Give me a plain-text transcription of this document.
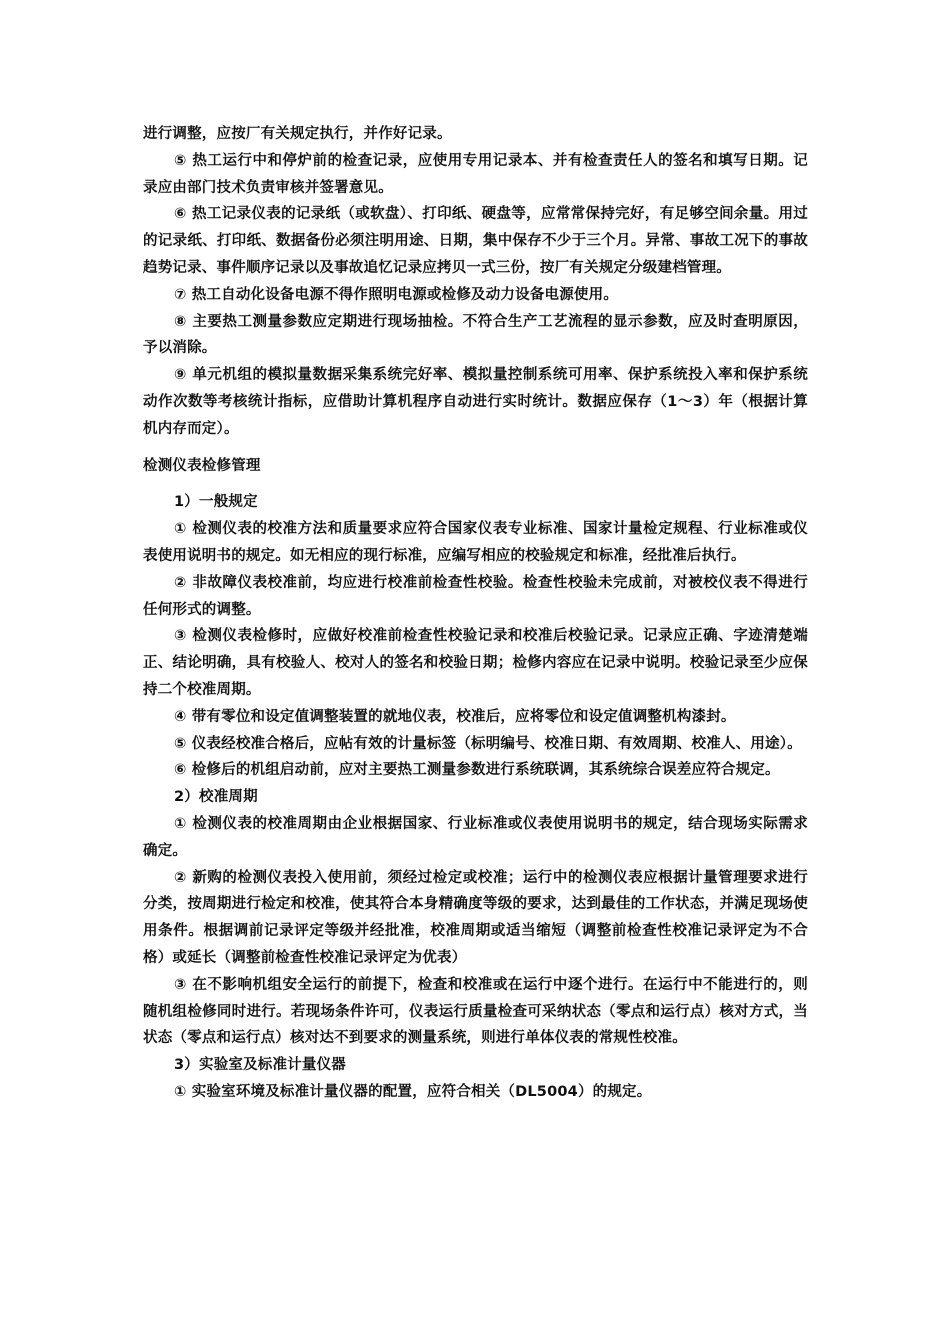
进行调整，应按厂有关规定执行，并作好记录。

⑤ 热工运行中和停炉前的检查记录，应使用专用记录本、并有检查责任人的签名和填写日期。记录应由部门技术负责审核并签署意见。

⑥ 热工记录仪表的记录纸（或软盘）、打印纸、硬盘等，应常常保持完好，有足够空间余量。用过的记录纸、打印纸、数据备份必须注明用途、日期，集中保存不少于三个月。异常、事故工况下的事故趋势记录、事件顺序记录以及事故追忆记录应拷贝一式三份，按厂有关规定分级建档管理。

⑦ 热工自动化设备电源不得作照明电源或检修及动力设备电源使用。

⑧ 主要热工测量参数应定期进行现场抽检。不符合生产工艺流程的显示参数，应及时查明原因，予以消除。

⑨ 单元机组的模拟量数据采集系统完好率、模拟量控制系统可用率、保护系统投入率和保护系统动作次数等考核统计指标，应借助计算机程序自动进行实时统计。数据应保存（1～3）年（根据计算机内存而定）。

检测仪表检修管理

1）一般规定

① 检测仪表的校准方法和质量要求应符合国家仪表专业标准、国家计量检定规程、行业标准或仪表使用说明书的规定。如无相应的现行标准，应编写相应的校验规定和标准，经批准后执行。

② 非故障仪表校准前，均应进行校准前检查性校验。检查性校验未完成前，对被校仪表不得进行任何形式的调整。

③ 检测仪表检修时，应做好校准前检查性校验记录和校准后校验记录。记录应正确、字迹清楚端正、结论明确，具有校验人、校对人的签名和校验日期；检修内容应在记录中说明。校验记录至少应保持二个校准周期。

④ 带有零位和设定值调整装置的就地仪表，校准后，应将零位和设定值调整机构漆封。

⑤ 仪表经校准合格后，应帖有效的计量标签（标明编号、校准日期、有效周期、校准人、用途）。

⑥ 检修后的机组启动前，应对主要热工测量参数进行系统联调，其系统综合误差应符合规定。

2）校准周期

① 检测仪表的校准周期由企业根据国家、行业标准或仪表使用说明书的规定，结合现场实际需求确定。

② 新购的检测仪表投入使用前，须经过检定或校准；运行中的检测仪表应根据计量管理要求进行分类，按周期进行检定和校准，使其符合本身精确度等级的要求，达到最佳的工作状态，并满足现场使用条件。根据调前记录评定等级并经批准，校准周期或适当缩短（调整前检查性校准记录评定为不合格）或延长（调整前检查性校准记录评定为优表）

③ 在不影响机组安全运行的前提下，检查和校准或在运行中逐个进行。在运行中不能进行的，则随机组检修同时进行。若现场条件许可，仪表运行质量检查可采纳状态（零点和运行点）核对方式，当状态（零点和运行点）核对达不到要求的测量系统，则进行单体仪表的常规性校准。

3）实验室及标准计量仪器

① 实验室环境及标准计量仪器的配置，应符合相关（DL5004）的规定。
